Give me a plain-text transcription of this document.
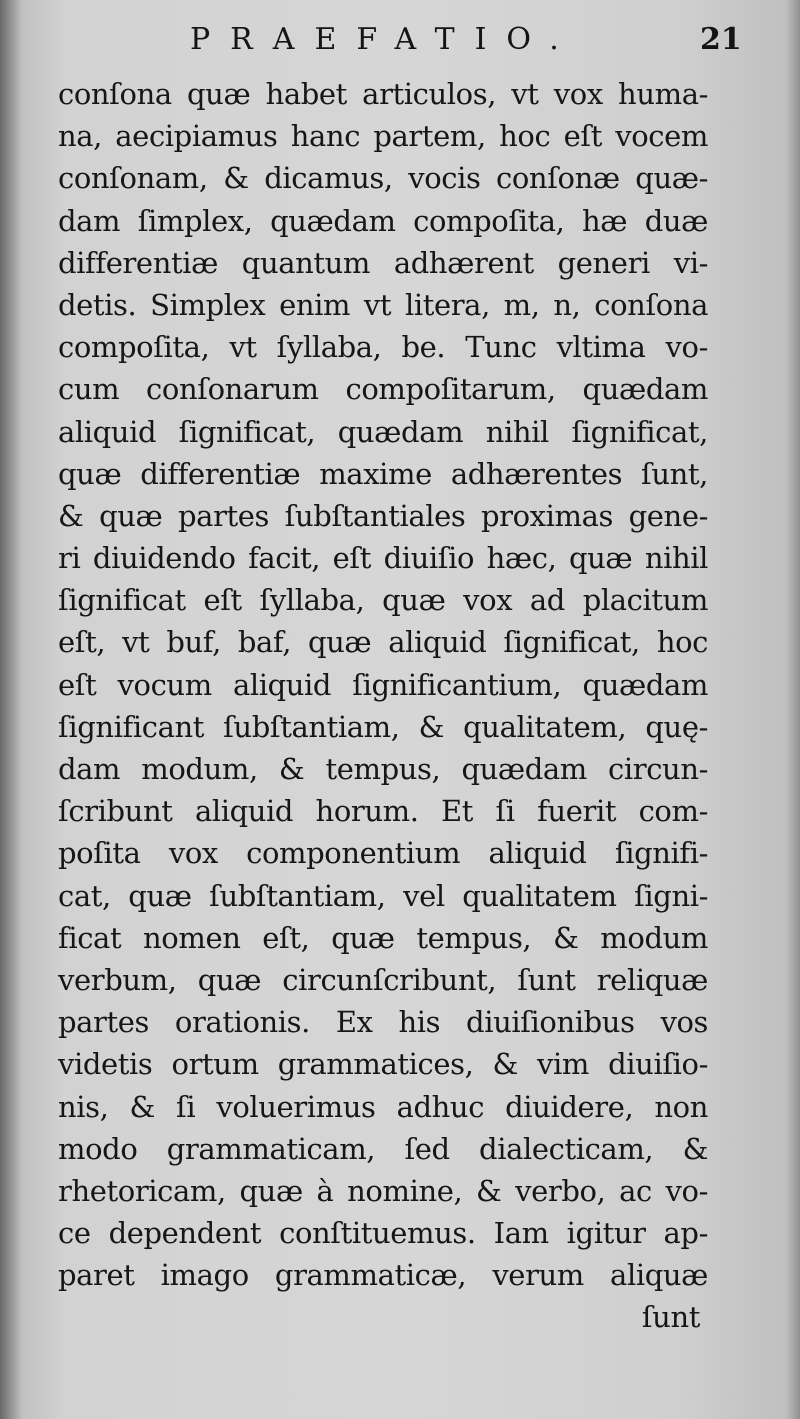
PRAEFATIO.	21
conſona quæ habet articulos, vt vox huma-
na, aecipiamus hanc partem, hoc eſt vocem
conſonam, & dicamus, vocis conſonæ quæ-
dam ſimplex, quædam compoſita, hæ duæ
differentiæ quantum adhærent generi vi-
detis. Simplex enim vt litera, m, n, conſona
compoſita, vt ſyllaba, be. Tunc vltima vo-
cum conſonarum compoſitarum, quædam
aliquid ſignificat, quædam nihil ſignificat,
quæ differentiæ maxime adhærentes ſunt,
& quæ partes ſubſtantiales proximas gene-
ri diuidendo facit, eſt diuiſio hæc, quæ nihil
ſignificat eſt ſyllaba, quæ vox ad placitum
eſt, vt buf, baf, quæ aliquid ſignificat, hoc
eſt vocum aliquid ſignificantium, quædam
ſignificant ſubſtantiam, & qualitatem, quę-
dam modum, & tempus, quædam circun-
ſcribunt aliquid horum. Et ſi fuerit com-
poſita vox componentium aliquid ſignifi-
cat, quæ ſubſtantiam, vel qualitatem ſigni-
ficat nomen eſt, quæ tempus, & modum
verbum, quæ circunſcribunt, ſunt reliquæ
partes orationis. Ex his diuiſionibus vos
videtis ortum grammatices, & vim diuiſio-
nis, & ſi voluerimus adhuc diuidere, non
modo grammaticam, ſed dialecticam, &
rhetoricam, quæ à nomine, & verbo, ac vo-
ce dependent conſtituemus. Iam igitur ap-
paret imago grammaticæ, verum aliquæ
ſunt
